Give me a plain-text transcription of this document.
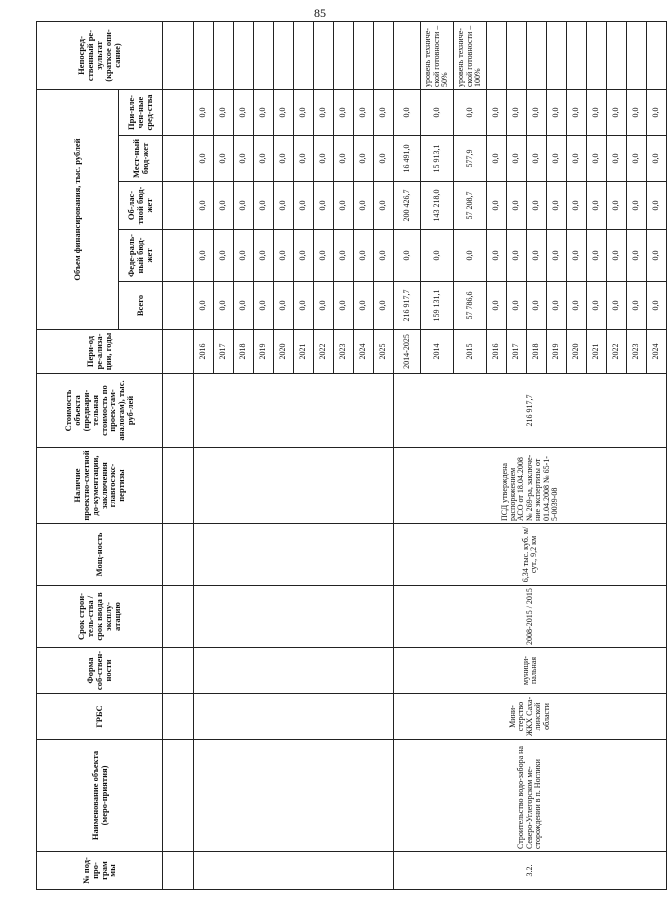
85
№ под-про-грам мы	Наименование объекта (меро-приятия)	ГРБС	Форма соб-ствен-ности	Срок строи-тель-ства / срок ввода в эксплу-атацию	Мощ-ность	Наличие проектно-сметной до-кументации, заключения главгосэкс-пертизы	Стоимость объекта (предвари-тельная стоимость по проек-там-аналогам), тыс. руб-лей	Пери-од ре-ализа-ции, годы	Объем финансирования, тыс. рублей					Непосред-ственный ре-зультат (краткое опи-сание)
									Всего	Феде-раль-ный бюд-жет	Об-лас-тной бюд-жет	Мест-ный бюд-жет	При-вле-чен-ные сред-ства	

								2016	0,0	0,0	0,0	0,0	0,0	
								2017	0,0	0,0	0,0	0,0	0,0	
								2018	0,0	0,0	0,0	0,0	0,0	
								2019	0,0	0,0	0,0	0,0	0,0	
								2020	0,0	0,0	0,0	0,0	0,0	
								2021	0,0	0,0	0,0	0,0	0,0	
								2022	0,0	0,0	0,0	0,0	0,0	
								2023	0,0	0,0	0,0	0,0	0,0	
								2024	0,0	0,0	0,0	0,0	0,0	
								2025	0,0	0,0	0,0	0,0	0,0	
3.2.	Строительство водо-забора на Северо-Углегорском ме-сторождении в п. Ноглики	Мини-стерство ЖКХ Саха-линской области	муници-пальная	2008-2015 / 2015	6,34 тыс. куб. м/сут., 9,2 км	ПСД утверждена распоряжением АСО от 18.04.2008 № 269-ра, заключе-ние экспертизы от 01.04.2008 № 65-1-5-0039-08	216 917,7	2014-2025	216 917,7	0,0	200 426,7	16 491,0	0,0	
								2014	159 131,1	0,0	143 218,0	15 913,1	0,0	уровень техниче-ской готовности – 50%
								2015	57 786,6	0,0	57 208,7	577,9	0,0	уровень техниче-ской готовности – 100%
								2016	0,0	0,0	0,0	0,0	0,0	
								2017	0,0	0,0	0,0	0,0	0,0	
								2018	0,0	0,0	0,0	0,0	0,0	
								2019	0,0	0,0	0,0	0,0	0,0	
								2020	0,0	0,0	0,0	0,0	0,0	
								2021	0,0	0,0	0,0	0,0	0,0	
								2022	0,0	0,0	0,0	0,0	0,0	
								2023	0,0	0,0	0,0	0,0	0,0	
								2024	0,0	0,0	0,0	0,0	0,0	
